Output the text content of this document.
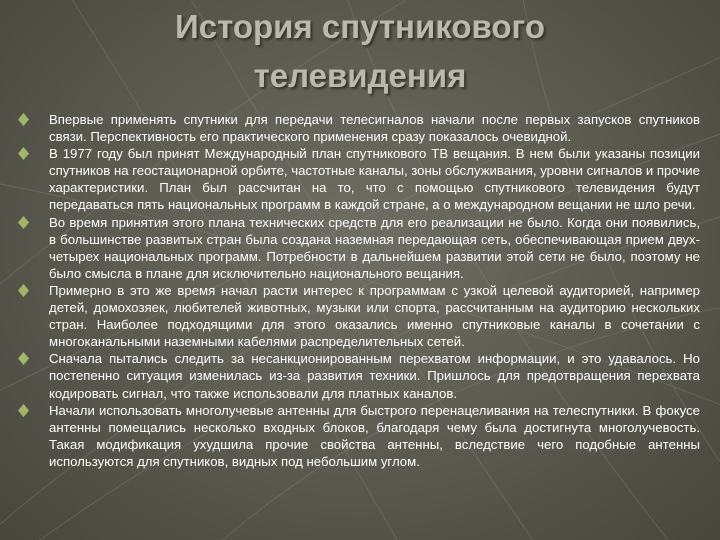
История спутникового
телевидения
Впервые применять спутники для передачи телесигналов начали после первых запусков спутников связи. Перспективность его практического применения сразу показалось очевидной.
В 1977 году был принят Международный план спутникового ТВ вещания. В нем были указаны позиции спутников на геостационарной орбите, частотные каналы, зоны обслуживания, уровни сигналов и прочие характеристики. План был рассчитан на то, что с помощью спутникового телевидения будут передаваться пять национальных программ в каждой стране, а о международном вещании не шло речи.
Во время принятия этого плана технических средств для его реализации не было. Когда они появились, в большинстве развитых стран была создана наземная передающая сеть, обеспечивающая прием двух-четырех национальных программ. Потребности в дальнейшем развитии этой сети не было, поэтому не было смысла в плане для исключительно национального вещания.
Примерно в это же время начал расти интерес к программам с узкой целевой аудиторией, например детей, домохозяек, любителей животных, музыки или спорта, рассчитанным на аудиторию нескольких стран. Наиболее подходящими для этого оказались именно спутниковые каналы в сочетании с многоканальными наземными кабелями распределительных сетей.
Сначала пытались следить за несанкционированным перехватом информации, и это удавалось. Но постепенно ситуация изменилась из-за развития техники. Пришлось для предотвращения перехвата кодировать сигнал, что также использовали для платных каналов.
Начали использовать многолучевые антенны для быстрого перенацеливания на телеспутники. В фокусе антенны помещались несколько входных блоков, благодаря чему была достигнута многолучевость. Такая модификация ухудшила прочие свойства антенны, вследствие чего подобные антенны используются для спутников, видных под небольшим углом.
